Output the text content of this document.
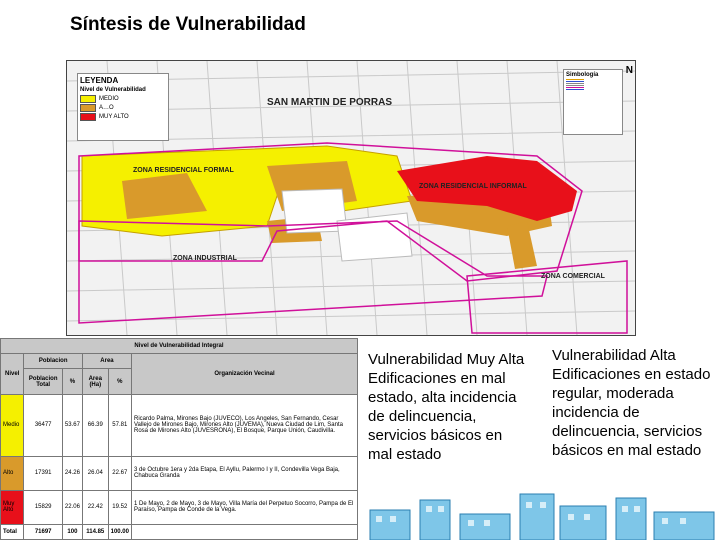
Síntesis de Vulnerabilidad
LEYENDA
Nivel de Vulnerabilidad
MEDIO
A…O
MUY ALTO
SAN MARTIN DE PORRAS
ZONA RESIDENCIAL FORMAL
ZONA RESIDENCIAL INFORMAL
ZONA INDUSTRIAL
ZONA COMERCIAL
Simbología	N
Nivel de Vulnerabilidad Integral					
Nivel	Poblacion		Area		Organización Vecinal
	Poblacion Total	%	Area (Ha)	%	
Medio	36477	53.67	66.39	57.81	Ricardo Palma, Mirones Bajo (JUVECO), Los Angeles, San Fernando, Cesar Vallejo de Mirones Bajo, Mirones Alto (JUVEMA), Nueva Ciudad de Lim, Santa Rosa de Mirones Alto (JUVESRONA), El Bosque, Parque Unión, Caudivilla.
Alto	17391	24.26	26.04	22.67	3 de Octubre 1era y 2da Etapa, El Ayllu, Palermo I y II, Condevilla Vega Baja, Chabuca Granda
Muy Alto	15829	22.06	22.42	19.52	1 De Mayo, 2 de Mayo, 3 de Mayo, Villa María del Perpetuo Socorro, Pampa de El Paraíso, Pampa de Conde de la Vega.
Total	71697	100	114.85	100.00	
Vulnerabilidad Muy Alta
Edificaciones en mal estado, alta incidencia de delincuencia, servicios básicos en mal estado
Vulnerabilidad Alta
Edificaciones en estado regular, moderada incidencia de delincuencia, servicios básicos en mal estado
